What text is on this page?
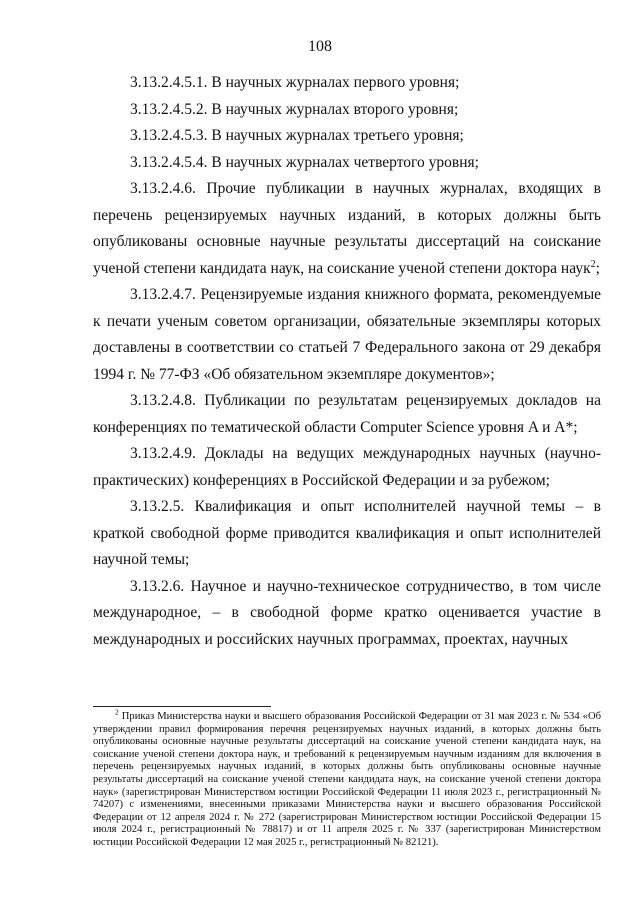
108

3.13.2.4.5.1. В научных журналах первого уровня;

3.13.2.4.5.2. В научных журналах второго уровня;

3.13.2.4.5.3. В научных журналах третьего уровня;

3.13.2.4.5.4. В научных журналах четвертого уровня;

3.13.2.4.6. Прочие публикации в научных журналах, входящих в перечень рецензируемых научных изданий, в которых должны быть опубликованы основные научные результаты диссертаций на соискание ученой степени кандидата наук, на соискание ученой степени доктора наук$^2$;

3.13.2.4.7. Рецензируемые издания книжного формата, рекомендуемые к печати ученым советом организации, обязательные экземпляры которых доставлены в соответствии со статьей 7 Федерального закона от 29 декабря 1994 г. № 77-ФЗ «Об обязательном экземпляре документов»;

3.13.2.4.8. Публикации по результатам рецензируемых докладов на конференциях по тематической области Computer Science уровня A и A*;

3.13.2.4.9. Доклады на ведущих международных научных (научно-практических) конференциях в Российской Федерации и за рубежом;

3.13.2.5. Квалификация и опыт исполнителей научной темы – в краткой свободной форме приводится квалификация и опыт исполнителей научной темы;

3.13.2.6. Научное и научно-техническое сотрудничество, в том числе международное, – в свободной форме кратко оценивается участие в международных и российских научных программах, проектах, научных

$^2$ Приказ Министерства науки и высшего образования Российской Федерации от 31 мая 2023 г. № 534 «Об утверждении правил формирования перечня рецензируемых научных изданий, в которых должны быть опубликованы основные научные результаты диссертаций на соискание ученой степени кандидата наук, на соискание ученой степени доктора наук, и требований к рецензируемым научным изданиям для включения в перечень рецензируемых научных изданий, в которых должны быть опубликованы основные научные результаты диссертаций на соискание ученой степени кандидата наук, на соискание ученой степени доктора наук» (зарегистрирован Министерством юстиции Российской Федерации 11 июля 2023 г., регистрационный № 74207) с изменениями, внесенными приказами Министерства науки и высшего образования Российской Федерации от 12 апреля 2024 г. № 272 (зарегистрирован Министерством юстиции Российской Федерации 15 июля 2024 г., регистрационный № 78817) и от 11 апреля 2025 г. № 337 (зарегистрирован Министерством юстиции Российской Федерации 12 мая 2025 г., регистрационный № 82121).
